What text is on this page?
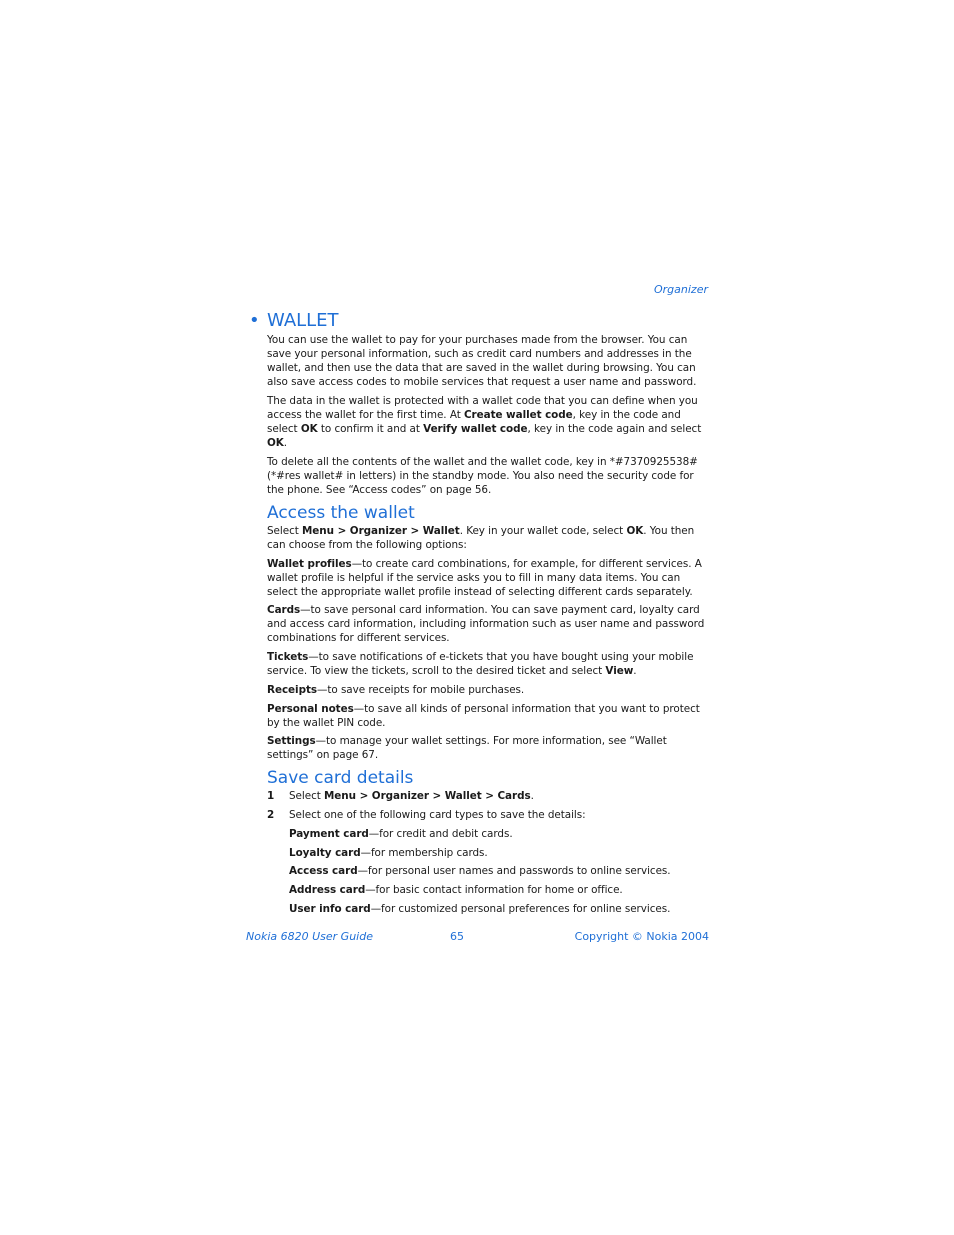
Organizer
• WALLET

You can use the wallet to pay for your purchases made from the browser. You can save your personal information, such as credit card numbers and addresses in the wallet, and then use the data that are saved in the wallet during browsing. You can also save access codes to mobile services that request a user name and password.

The data in the wallet is protected with a wallet code that you can define when you access the wallet for the first time. At Create wallet code, key in the code and select OK to confirm it and at Verify wallet code, key in the code again and select OK.

To delete all the contents of the wallet and the wallet code, key in *#7370925538# (*#res wallet# in letters) in the standby mode. You also need the security code for the phone. See “Access codes” on page 56.

Access the wallet

Select Menu > Organizer > Wallet. Key in your wallet code, select OK. You then can choose from the following options:

Wallet profiles—to create card combinations, for example, for different services. A wallet profile is helpful if the service asks you to fill in many data items. You can select the appropriate wallet profile instead of selecting different cards separately.

Cards—to save personal card information. You can save payment card, loyalty card and access card information, including information such as user name and password combinations for different services.

Tickets—to save notifications of e-tickets that you have bought using your mobile service. To view the tickets, scroll to the desired ticket and select View.

Receipts—to save receipts for mobile purchases.

Personal notes—to save all kinds of personal information that you want to protect by the wallet PIN code.

Settings—to manage your wallet settings. For more information, see “Wallet settings” on page 67.

Save card details

1 Select Menu > Organizer > Wallet > Cards.

2 Select one of the following card types to save the details:

Payment card—for credit and debit cards.

Loyalty card—for membership cards.

Access card—for personal user names and passwords to online services.

Address card—for basic contact information for home or office.

User info card—for customized personal preferences for online services.

Nokia 6820 User Guide	65	Copyright © Nokia 2004
